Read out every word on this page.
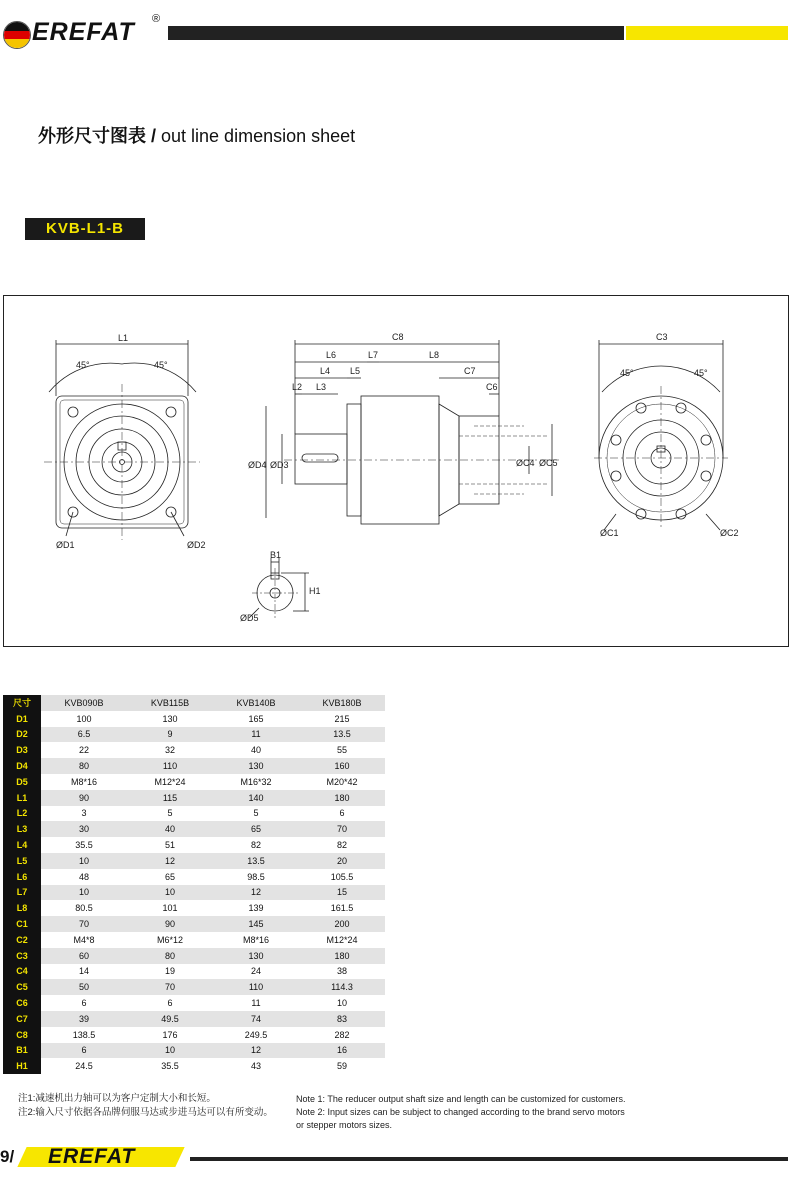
EREFAT ®
外形尺寸图表 / out line dimension sheet
KVB-L1-B
L1
45°	45°
ØD1	ØD2
C8
L6	L7	L8
L4 L5	C7
L2 L3	C6
ØD4 ØD3	ØC4 ØC5
C3
45°	45°
ØC1	ØC2
B1
H1
ØD5
尺寸	KVB090B	KVB115B	KVB140B	KVB180B
D1	100	130	165	215
D2	6.5	9	11	13.5
D3	22	32	40	55
D4	80	110	130	160
D5	M8*16	M12*24	M16*32	M20*42
L1	90	115	140	180
L2	3	5	5	6
L3	30	40	65	70
L4	35.5	51	82	82
L5	10	12	13.5	20
L6	48	65	98.5	105.5
L7	10	10	12	15
L8	80.5	101	139	161.5
C1	70	90	145	200
C2	M4*8	M6*12	M8*16	M12*24
C3	60	80	130	180
C4	14	19	24	38
C5	50	70	110	114.3
C6	6	6	11	10
C7	39	49.5	74	83
C8	138.5	176	249.5	282
B1	6	10	12	16
H1	24.5	35.5	43	59
注1:减速机出力轴可以为客户定制大小和长短。
注2:输入尺寸依据各品牌伺服马达或步进马达可以有所变动。
Note 1: The reducer output shaft size and length can be customized for customers.
Note 2: Input sizes can be subject to changed according to the brand servo motors
or stepper motors sizes.
9/ EREFAT
